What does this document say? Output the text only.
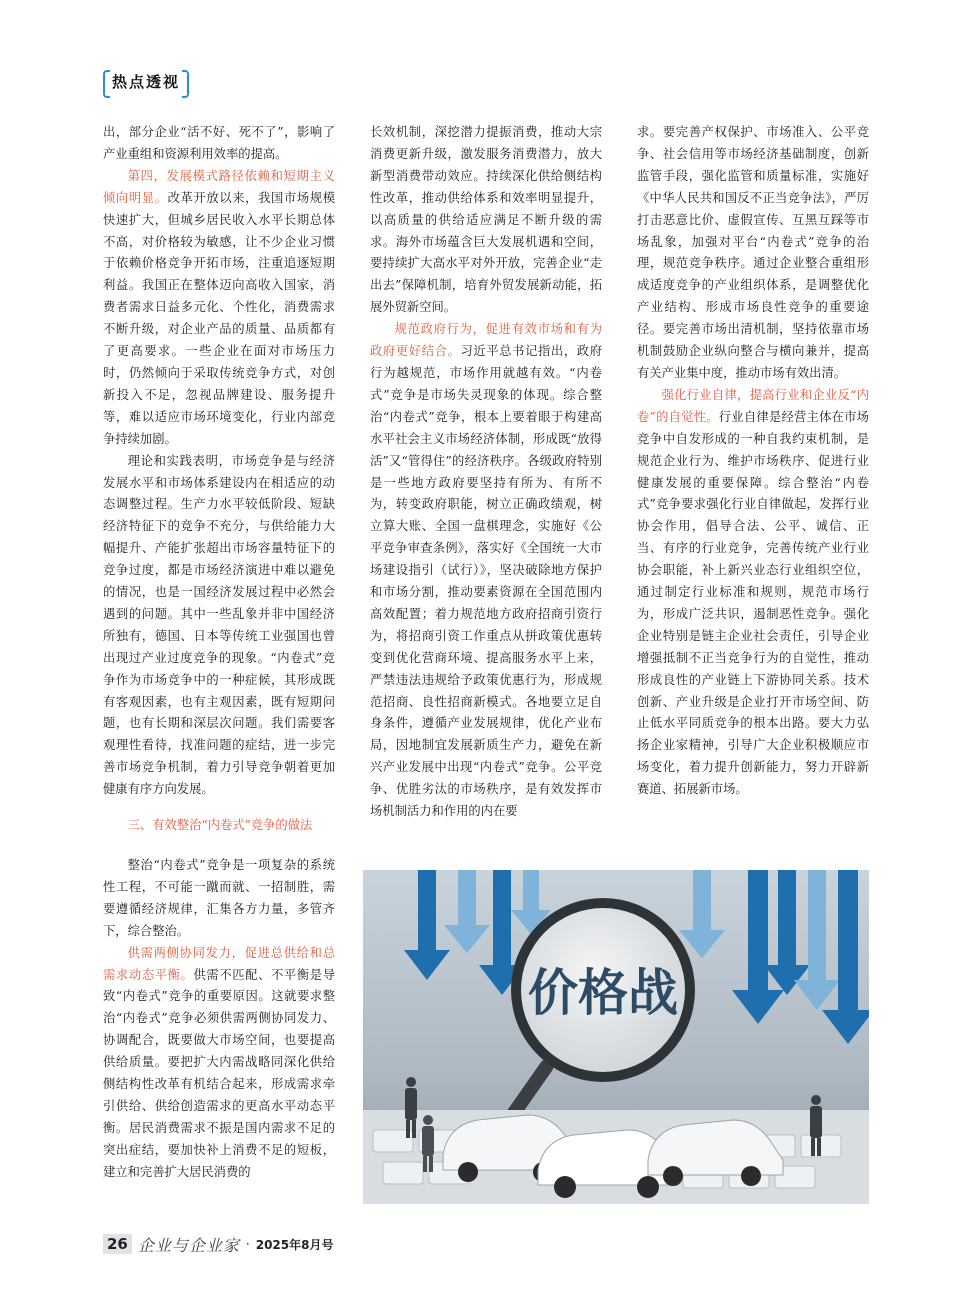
热点透视

出，部分企业“活不好、死不了”，影响了产业重组和资源利用效率的提高。

第四，发展模式路径依赖和短期主义倾向明显。改革开放以来，我国市场规模快速扩大，但城乡居民收入水平长期总体不高，对价格较为敏感，让不少企业习惯于依赖价格竞争开拓市场，注重追逐短期利益。我国正在整体迈向高收入国家，消费者需求日益多元化、个性化，消费需求不断升级，对企业产品的质量、品质都有了更高要求。一些企业在面对市场压力时，仍然倾向于采取传统竞争方式，对创新投入不足，忽视品牌建设、服务提升等，难以适应市场环境变化，行业内部竞争持续加剧。

理论和实践表明，市场竞争是与经济发展水平和市场体系建设内在相适应的动态调整过程。生产力水平较低阶段、短缺经济特征下的竞争不充分，与供给能力大幅提升、产能扩张超出市场容量特征下的竞争过度，都是市场经济演进中难以避免的情况，也是一国经济发展过程中必然会遇到的问题。其中一些乱象并非中国经济所独有，德国、日本等传统工业强国也曾出现过产业过度竞争的现象。“内卷式”竞争作为市场竞争中的一种症候，其形成既有客观因素，也有主观因素，既有短期问题，也有长期和深层次问题。我们需要客观理性看待，找准问题的症结，进一步完善市场竞争机制，着力引导竞争朝着更加健康有序方向发展。

三、有效整治“内卷式”竞争的做法

整治“内卷式”竞争是一项复杂的系统性工程，不可能一蹴而就、一招制胜，需要遵循经济规律，汇集各方力量，多管齐下，综合整治。

供需两侧协同发力，促进总供给和总需求动态平衡。供需不匹配、不平衡是导致“内卷式”竞争的重要原因。这就要求整治“内卷式”竞争必须供需两侧协同发力、协调配合，既要做大市场空间，也要提高供给质量。要把扩大内需战略同深化供给侧结构性改革有机结合起来，形成需求牵引供给、供给创造需求的更高水平动态平衡。居民消费需求不振是国内需求不足的突出症结，要加快补上消费不足的短板，建立和完善扩大居民消费的

长效机制，深挖潜力提振消费，推动大宗消费更新升级，激发服务消费潜力，放大新型消费带动效应。持续深化供给侧结构性改革，推动供给体系和效率明显提升，以高质量的供给适应满足不断升级的需求。海外市场蕴含巨大发展机遇和空间，要持续扩大高水平对外开放，完善企业“走出去”保障机制，培育外贸发展新动能，拓展外贸新空间。

规范政府行为，促进有效市场和有为政府更好结合。习近平总书记指出，政府行为越规范，市场作用就越有效。“内卷式”竞争是市场失灵现象的体现。综合整治“内卷式”竞争，根本上要着眼于构建高水平社会主义市场经济体制，形成既“放得活”又“管得住”的经济秩序。各级政府特别是一些地方政府要坚持有所为、有所不为，转变政府职能，树立正确政绩观，树立算大账、全国一盘棋理念，实施好《公平竞争审查条例》，落实好《全国统一大市场建设指引（试行）》，坚决破除地方保护和市场分割，推动要素资源在全国范围内高效配置；着力规范地方政府招商引资行为，将招商引资工作重点从拼政策优惠转变到优化营商环境、提高服务水平上来，严禁违法违规给予政策优惠行为，形成规范招商、良性招商新模式。各地要立足自身条件，遵循产业发展规律，优化产业布局，因地制宜发展新质生产力，避免在新兴产业发展中出现“内卷式”竞争。公平竞争、优胜劣汰的市场秩序，是有效发挥市场机制活力和作用的内在要

求。要完善产权保护、市场准入、公平竞争、社会信用等市场经济基础制度，创新监管手段，强化监管和质量标准，实施好《中华人民共和国反不正当竞争法》，严厉打击恶意比价、虚假宣传、互黑互踩等市场乱象，加强对平台“内卷式”竞争的治理，规范竞争秩序。通过企业整合重组形成适度竞争的产业组织体系，是调整优化产业结构、形成市场良性竞争的重要途径。要完善市场出清机制，坚持依靠市场机制鼓励企业纵向整合与横向兼并，提高有关产业集中度，推动市场有效出清。

强化行业自律，提高行业和企业反“内卷”的自觉性。行业自律是经营主体在市场竞争中自发形成的一种自我约束机制，是规范企业行为、维护市场秩序、促进行业健康发展的重要保障。综合整治“内卷式”竞争要求强化行业自律做起，发挥行业协会作用，倡导合法、公平、诚信、正当、有序的行业竞争，完善传统产业行业协会职能，补上新兴业态行业组织空位，通过制定行业标准和规则，规范市场行为，形成广泛共识，遏制恶性竞争。强化企业特别是链主企业社会责任，引导企业增强抵制不正当竞争行为的自觉性，推动形成良性的产业链上下游协同关系。技术创新、产业升级是企业打开市场空间、防止低水平同质竞争的根本出路。要大力弘扬企业家精神，引导广大企业积极顺应市场变化，着力提升创新能力，努力开辟新赛道、拓展新市场。

价格战
26 企业与企业家 · 2025年8月号
